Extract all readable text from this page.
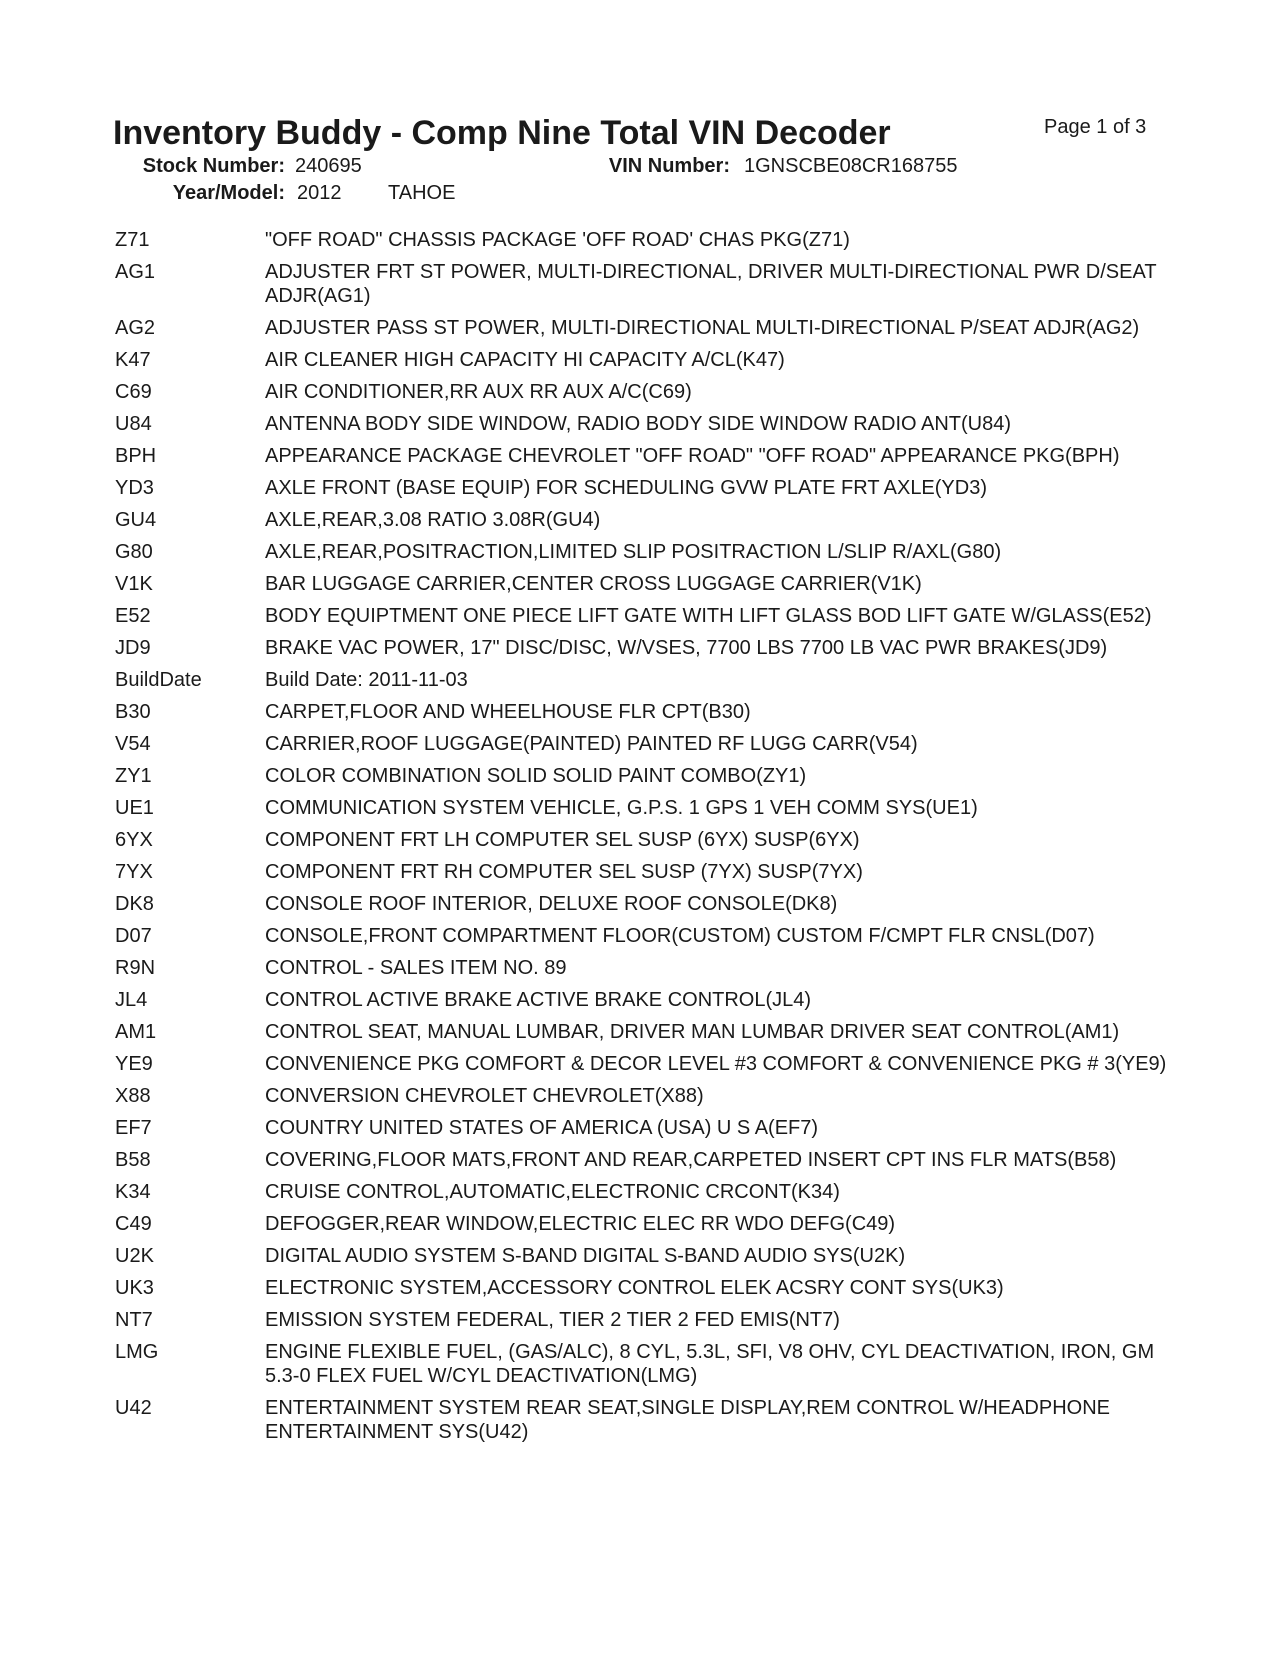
Inventory Buddy - Comp Nine Total VIN Decoder	Page 1 of 3
Stock Number: 240695	VIN Number: 1GNSCBE08CR168755
Year/Model: 2012 TAHOE
Z71	"OFF ROAD" CHASSIS PACKAGE 'OFF ROAD' CHAS PKG(Z71)
AG1	ADJUSTER FRT ST POWER, MULTI-DIRECTIONAL, DRIVER MULTI-DIRECTIONAL PWR D/SEAT ADJR(AG1)
AG2	ADJUSTER PASS ST POWER, MULTI-DIRECTIONAL MULTI-DIRECTIONAL P/SEAT ADJR(AG2)
K47	AIR CLEANER HIGH CAPACITY HI CAPACITY A/CL(K47)
C69	AIR CONDITIONER,RR AUX RR AUX A/C(C69)
U84	ANTENNA BODY SIDE WINDOW, RADIO BODY SIDE WINDOW RADIO ANT(U84)
BPH	APPEARANCE PACKAGE CHEVROLET "OFF ROAD" "OFF ROAD" APPEARANCE PKG(BPH)
YD3	AXLE FRONT (BASE EQUIP) FOR SCHEDULING GVW PLATE FRT AXLE(YD3)
GU4	AXLE,REAR,3.08 RATIO 3.08R(GU4)
G80	AXLE,REAR,POSITRACTION,LIMITED SLIP POSITRACTION L/SLIP R/AXL(G80)
V1K	BAR LUGGAGE CARRIER,CENTER CROSS LUGGAGE CARRIER(V1K)
E52	BODY EQUIPTMENT ONE PIECE LIFT GATE WITH LIFT GLASS BOD LIFT GATE W/GLASS(E52)
JD9	BRAKE VAC POWER, 17" DISC/DISC, W/VSES, 7700 LBS 7700 LB VAC PWR BRAKES(JD9)
BuildDate	Build Date: 2011-11-03
B30	CARPET,FLOOR AND WHEELHOUSE FLR CPT(B30)
V54	CARRIER,ROOF LUGGAGE(PAINTED) PAINTED RF LUGG CARR(V54)
ZY1	COLOR COMBINATION SOLID SOLID PAINT COMBO(ZY1)
UE1	COMMUNICATION SYSTEM VEHICLE, G.P.S. 1 GPS 1 VEH COMM SYS(UE1)
6YX	COMPONENT FRT LH COMPUTER SEL SUSP (6YX) SUSP(6YX)
7YX	COMPONENT FRT RH COMPUTER SEL SUSP (7YX) SUSP(7YX)
DK8	CONSOLE ROOF INTERIOR, DELUXE ROOF CONSOLE(DK8)
D07	CONSOLE,FRONT COMPARTMENT FLOOR(CUSTOM) CUSTOM F/CMPT FLR CNSL(D07)
R9N	CONTROL - SALES ITEM NO. 89
JL4	CONTROL ACTIVE BRAKE ACTIVE BRAKE CONTROL(JL4)
AM1	CONTROL SEAT, MANUAL LUMBAR, DRIVER MAN LUMBAR DRIVER SEAT CONTROL(AM1)
YE9	CONVENIENCE PKG COMFORT & DECOR LEVEL #3 COMFORT & CONVENIENCE PKG # 3(YE9)
X88	CONVERSION CHEVROLET CHEVROLET(X88)
EF7	COUNTRY UNITED STATES OF AMERICA (USA) U S A(EF7)
B58	COVERING,FLOOR MATS,FRONT AND REAR,CARPETED INSERT CPT INS FLR MATS(B58)
K34	CRUISE CONTROL,AUTOMATIC,ELECTRONIC CRCONT(K34)
C49	DEFOGGER,REAR WINDOW,ELECTRIC ELEC RR WDO DEFG(C49)
U2K	DIGITAL AUDIO SYSTEM S-BAND DIGITAL S-BAND AUDIO SYS(U2K)
UK3	ELECTRONIC SYSTEM,ACCESSORY CONTROL ELEK ACSRY CONT SYS(UK3)
NT7	EMISSION SYSTEM FEDERAL, TIER 2 TIER 2 FED EMIS(NT7)
LMG	ENGINE FLEXIBLE FUEL, (GAS/ALC), 8 CYL, 5.3L, SFI, V8 OHV, CYL DEACTIVATION, IRON, GM 5.3-0 FLEX FUEL W/CYL DEACTIVATION(LMG)
U42	ENTERTAINMENT SYSTEM REAR SEAT,SINGLE DISPLAY,REM CONTROL W/HEADPHONE ENTERTAINMENT SYS(U42)
